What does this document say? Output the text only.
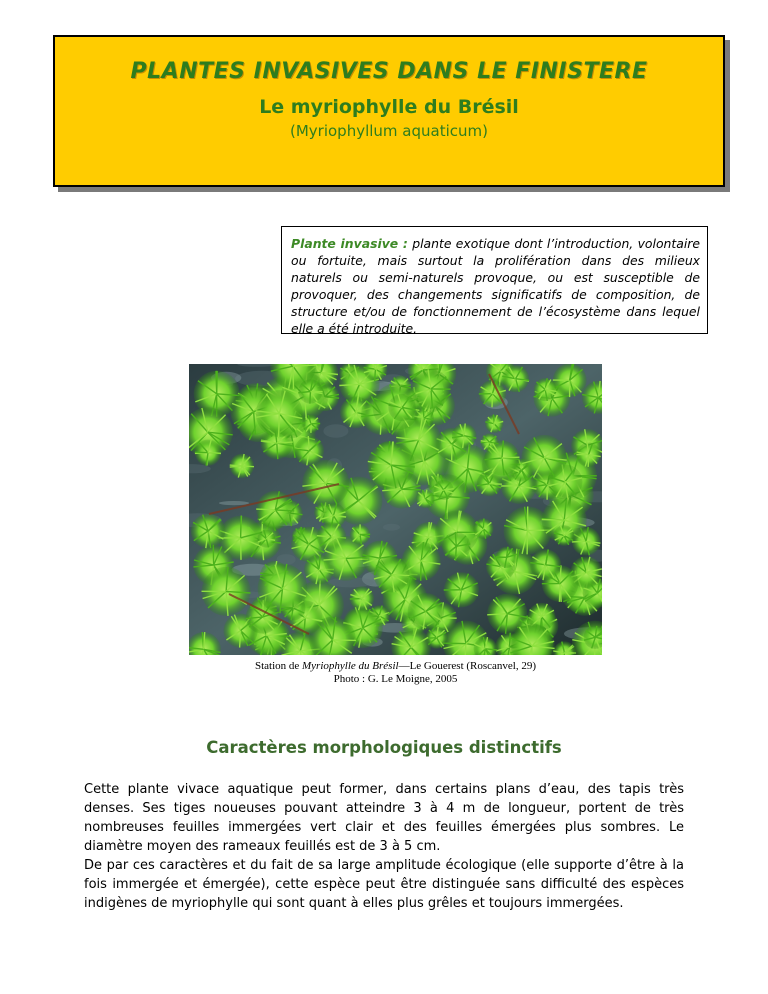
PLANTES INVASIVES DANS LE FINISTERE
Le myriophylle du Brésil
(Myriophyllum aquaticum)
Plante invasive : plante exotique dont l’introduction, volontaire ou fortuite, mais surtout la prolifération dans des milieux naturels ou semi-naturels provoque, ou est susceptible de provoquer, des changements significatifs de composition, de structure et/ou de fonctionnement de l’écosystème dans lequel elle a été introduite.
Station de Myriophylle du Brésil—Le Gouerest (Roscanvel, 29)
Photo : G. Le Moigne, 2005
Caractères morphologiques distinctifs

Cette plante vivace aquatique peut former, dans certains plans d’eau, des tapis très denses. Ses tiges noueuses pouvant atteindre 3 à 4 m de longueur, portent de très nombreuses feuilles immergées vert clair et des feuilles émergées plus sombres. Le diamètre moyen des rameaux feuillés est de 3 à 5 cm.

De par ces caractères et du fait de sa large amplitude écologique (elle supporte d’être à la fois immergée et émergée), cette espèce peut être distinguée sans difficulté des espèces indigènes de myriophylle qui sont quant à elles plus grêles et toujours immergées.
